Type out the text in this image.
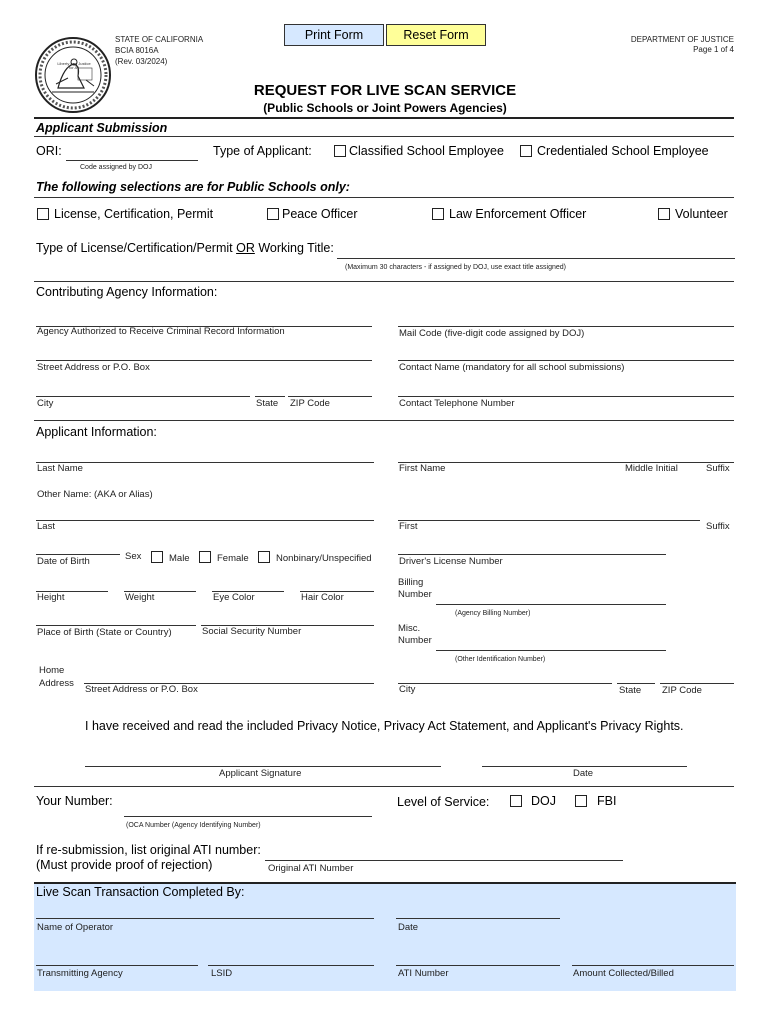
Liberty and Justice for All
STATE OF CALIFORNIA
BCIA 8016A
(Rev. 03/2024)
Print Form	Reset Form	DEPARTMENT OF JUSTICE
Page 1 of 4
REQUEST FOR LIVE SCAN SERVICE
(Public Schools or Joint Powers Agencies)
Applicant Submission
ORI:
Code assigned by DOJ
Type of Applicant:	Classified School Employee	Credentialed School Employee
The following selections are for Public Schools only:
License, Certification, Permit	Peace Officer	Law Enforcement Officer	Volunteer
Type of License/Certification/Permit OR Working Title:
(Maximum 30 characters - if assigned by DOJ, use exact title assigned)
Contributing Agency Information:
Agency Authorized to Receive Criminal Record Information	Mail Code (five-digit code assigned by DOJ)
Street Address or P.O. Box	Contact Name (mandatory for all school submissions)
City	State ZIP Code	Contact Telephone Number
Applicant Information:
Last Name	First Name	Middle Initial	Suffix
Other Name: (AKA or Alias)
Last	First	Suffix
Date of Birth	Sex	Male	Female	Nonbinary/Unspecified	Driver's License Number
Height	Weight	Eye Color	Hair Color
Billing
Number
(Agency Billing Number)
Place of Birth (State or Country)	Social Security Number	Misc.
Number
(Other Identification Number)
Home
Address
Street Address or P.O. Box	City	State ZIP Code
I have received and read the included Privacy Notice, Privacy Act Statement, and Applicant's Privacy Rights.
Applicant Signature	Date
Your Number:
(OCA Number (Agency Identifying Number)
Level of Service:	DOJ	FBI
If re-submission, list original ATI number:
(Must provide proof of rejection)	Original ATI Number
Live Scan Transaction Completed By:
Name of Operator	Date
Transmitting Agency	LSID	ATI Number	Amount Collected/Billed
